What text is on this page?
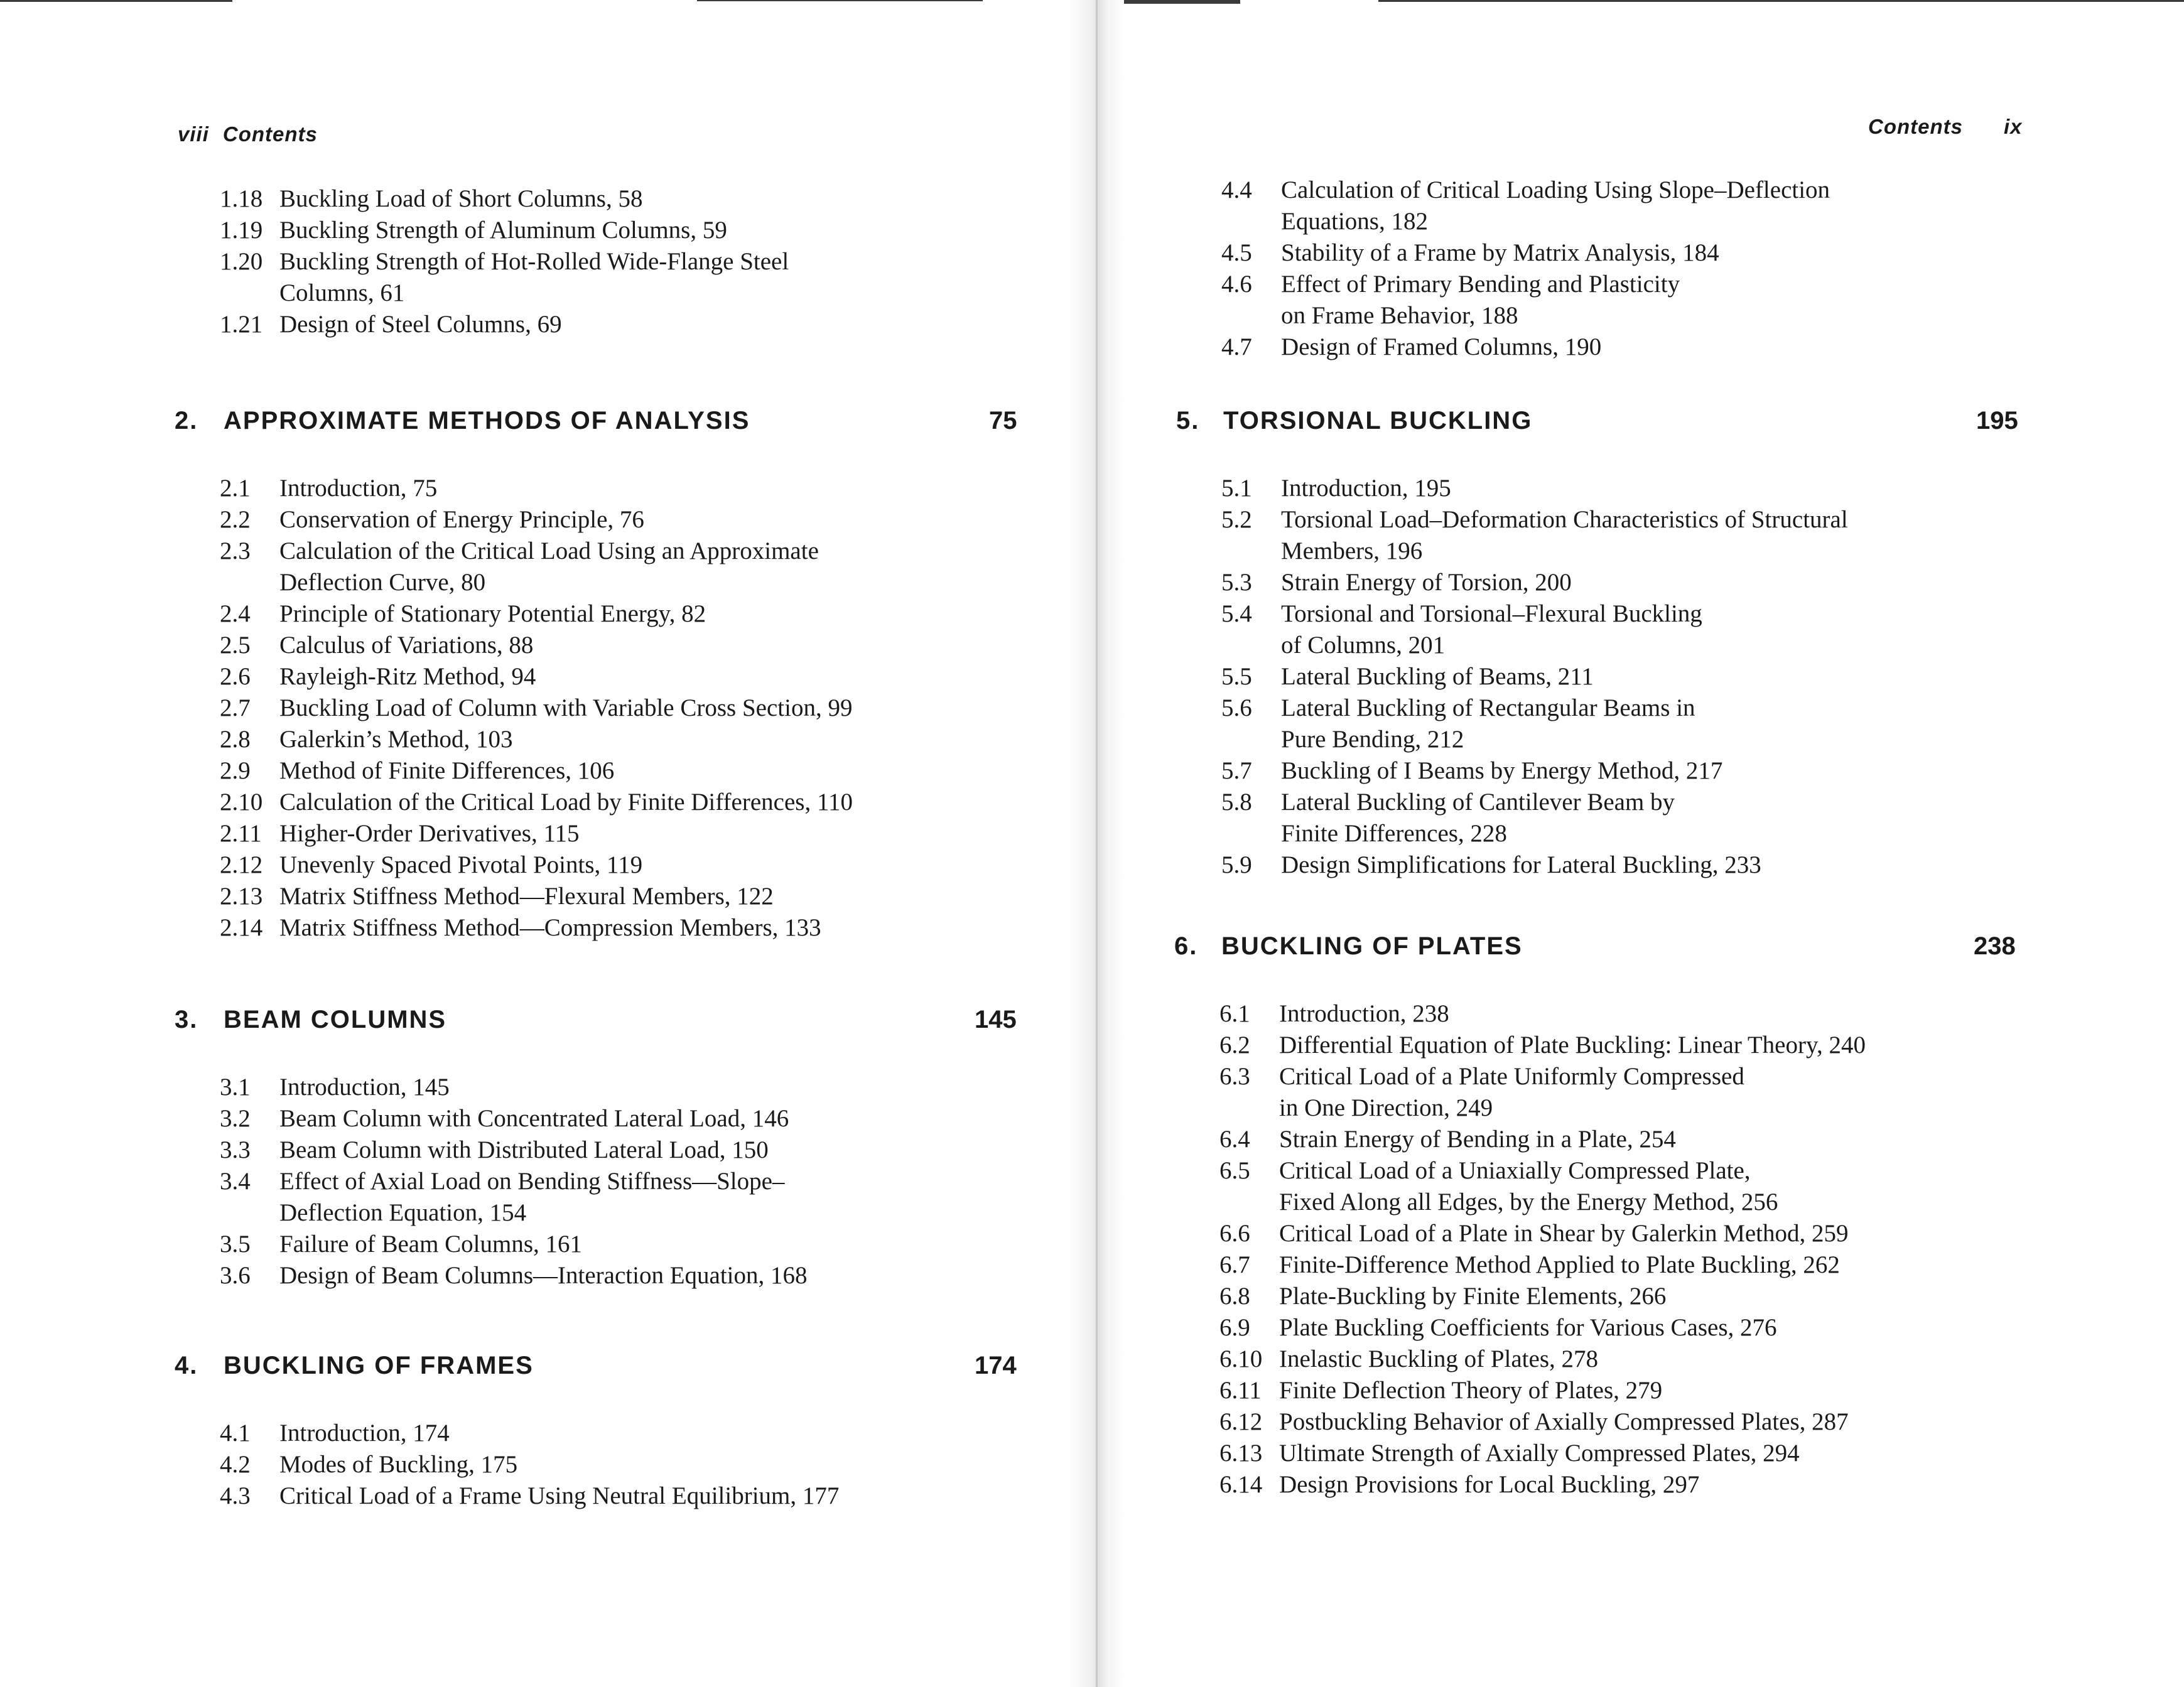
viii Contents

1.18 Buckling Load of Short Columns, 58
1.19 Buckling Strength of Aluminum Columns, 59
1.20 Buckling Strength of Hot-Rolled Wide-Flange Steel
Columns, 61
1.21 Design of Steel Columns, 69
2. APPROXIMATE METHODS OF ANALYSIS	75
2.1	Introduction, 75
2.2	Conservation of Energy Principle, 76
2.3	Calculation of the Critical Load Using an Approximate
Deflection Curve, 80
2.4	Principle of Stationary Potential Energy, 82
2.5	Calculus of Variations, 88
2.6	Rayleigh-Ritz Method, 94
2.7	Buckling Load of Column with Variable Cross Section, 99
2.8	Galerkin’s Method, 103
2.9	Method of Finite Differences, 106
2.10 Calculation of the Critical Load by Finite Differences, 110
2.11 Higher-Order Derivatives, 115
2.12 Unevenly Spaced Pivotal Points, 119
2.13 Matrix Stiffness Method—Flexural Members, 122
2.14 Matrix Stiffness Method—Compression Members, 133
3. BEAM COLUMNS	145
3.1	Introduction, 145
3.2	Beam Column with Concentrated Lateral Load, 146
3.3	Beam Column with Distributed Lateral Load, 150
3.4	Effect of Axial Load on Bending Stiffness—Slope–
Deflection Equation, 154
3.5	Failure of Beam Columns, 161
3.6	Design of Beam Columns—Interaction Equation, 168
4. BUCKLING OF FRAMES	174
4.1	Introduction, 174
4.2	Modes of Buckling, 175
4.3	Critical Load of a Frame Using Neutral Equilibrium, 177

Contents ix

4.4	Calculation of Critical Loading Using Slope–Deflection
Equations, 182
4.5	Stability of a Frame by Matrix Analysis, 184
4.6	Effect of Primary Bending and Plasticity
on Frame Behavior, 188
4.7	Design of Framed Columns, 190
5. TORSIONAL BUCKLING	195
5.1	Introduction, 195
5.2	Torsional Load–Deformation Characteristics of Structural
Members, 196
5.3	Strain Energy of Torsion, 200
5.4	Torsional and Torsional–Flexural Buckling
of Columns, 201
5.5	Lateral Buckling of Beams, 211
5.6	Lateral Buckling of Rectangular Beams in
Pure Bending, 212
5.7	Buckling of I Beams by Energy Method, 217
5.8	Lateral Buckling of Cantilever Beam by
Finite Differences, 228
5.9	Design Simplifications for Lateral Buckling, 233
6. BUCKLING OF PLATES	238
6.1	Introduction, 238
6.2	Differential Equation of Plate Buckling: Linear Theory, 240
6.3	Critical Load of a Plate Uniformly Compressed
in One Direction, 249
6.4	Strain Energy of Bending in a Plate, 254
6.5	Critical Load of a Uniaxially Compressed Plate,
Fixed Along all Edges, by the Energy Method, 256
6.6	Critical Load of a Plate in Shear by Galerkin Method, 259
6.7	Finite-Difference Method Applied to Plate Buckling, 262
6.8	Plate-Buckling by Finite Elements, 266
6.9	Plate Buckling Coefficients for Various Cases, 276
6.10 Inelastic Buckling of Plates, 278
6.11 Finite Deflection Theory of Plates, 279
6.12 Postbuckling Behavior of Axially Compressed Plates, 287
6.13 Ultimate Strength of Axially Compressed Plates, 294
6.14 Design Provisions for Local Buckling, 297
